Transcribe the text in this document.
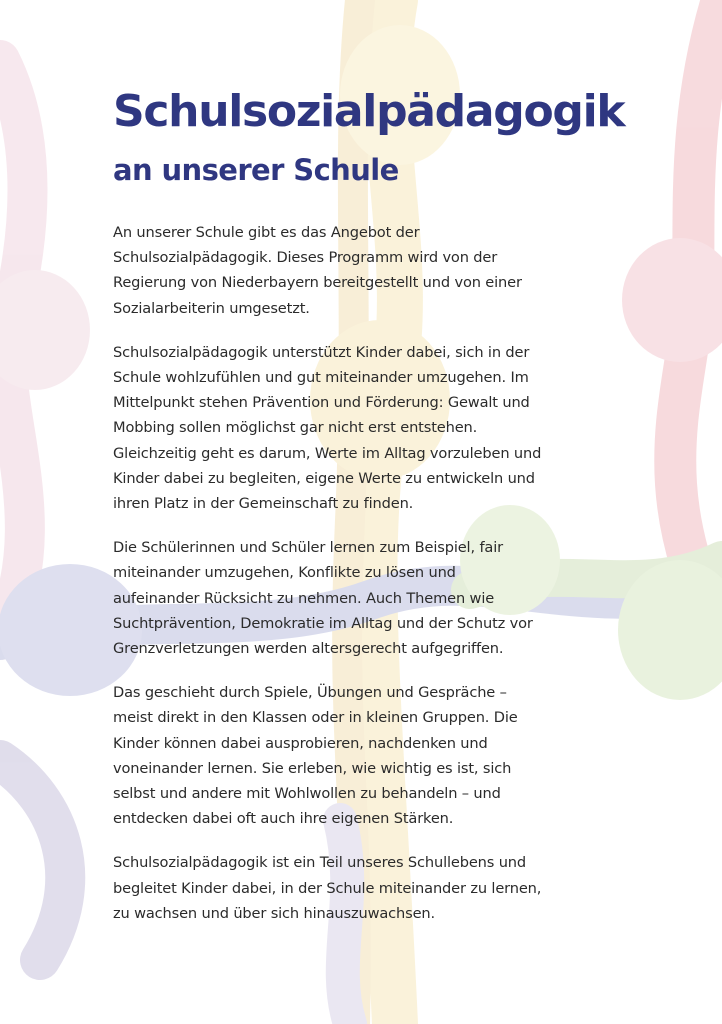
Schulsozialpädagogik
an unserer Schule

An unserer Schule gibt es das Angebot der
Schulsozialpädagogik. Dieses Programm wird von der
Regierung von Niederbayern bereitgestellt und von einer
Sozialarbeiterin umgesetzt.

Schulsozialpädagogik unterstützt Kinder dabei, sich in der
Schule wohlzufühlen und gut miteinander umzugehen. Im
Mittelpunkt stehen Prävention und Förderung: Gewalt und
Mobbing sollen möglichst gar nicht erst entstehen.
Gleichzeitig geht es darum, Werte im Alltag vorzuleben und
Kinder dabei zu begleiten, eigene Werte zu entwickeln und
ihren Platz in der Gemeinschaft zu finden.

Die Schülerinnen und Schüler lernen zum Beispiel, fair
miteinander umzugehen, Konflikte zu lösen und
aufeinander Rücksicht zu nehmen. Auch Themen wie
Suchtprävention, Demokratie im Alltag und der Schutz vor
Grenzverletzungen werden altersgerecht aufgegriffen.

Das geschieht durch Spiele, Übungen und Gespräche –
meist direkt in den Klassen oder in kleinen Gruppen. Die
Kinder können dabei ausprobieren, nachdenken und
voneinander lernen. Sie erleben, wie wichtig es ist, sich
selbst und andere mit Wohlwollen zu behandeln – und
entdecken dabei oft auch ihre eigenen Stärken.

Schulsozialpädagogik ist ein Teil unseres Schullebens und
begleitet Kinder dabei, in der Schule miteinander zu lernen,
zu wachsen und über sich hinauszuwachsen.
